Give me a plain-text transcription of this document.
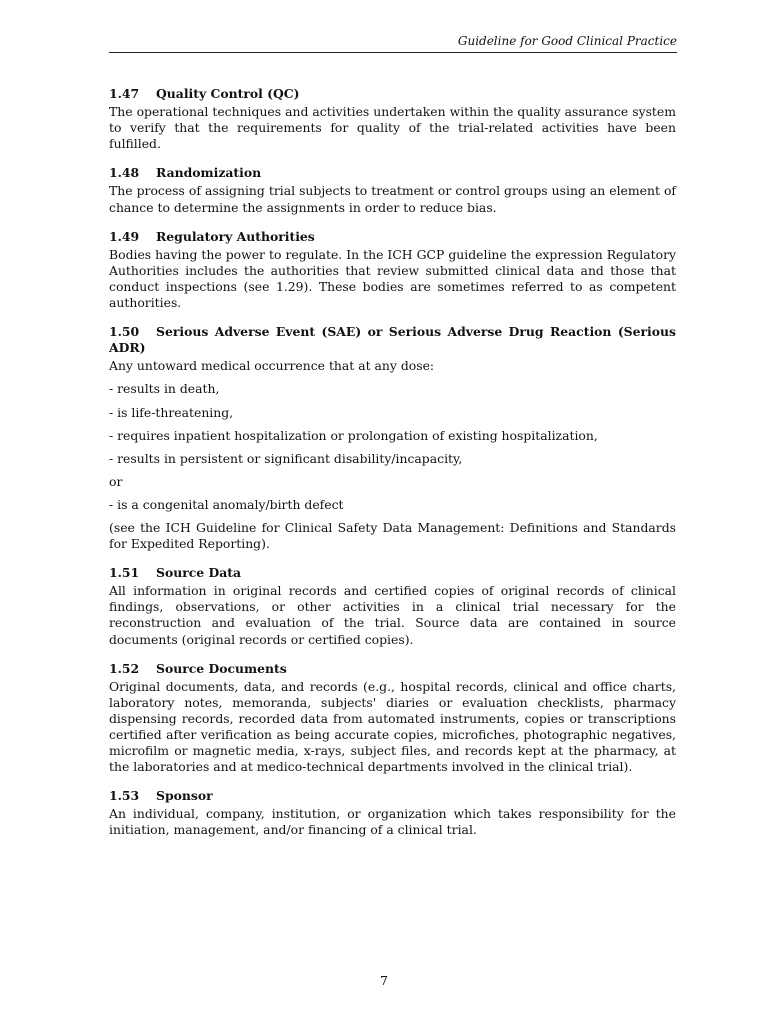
Guideline for Good Clinical Practice

1.47 Quality Control (QC)

The operational techniques and activities undertaken within the quality assurance system to verify that the requirements for quality of the trial-related activities have been fulfilled.

1.48 Randomization

The process of assigning trial subjects to treatment or control groups using an element of chance to determine the assignments in order to reduce bias.

1.49 Regulatory Authorities

Bodies having the power to regulate. In the ICH GCP guideline the expression Regulatory Authorities includes the authorities that review submitted clinical data and those that conduct inspections (see 1.29). These bodies are sometimes referred to as competent authorities.

1.50 Serious Adverse Event (SAE) or Serious Adverse Drug Reaction (Serious ADR)

Any untoward medical occurrence that at any dose:

- results in death,

- is life-threatening,

- requires inpatient hospitalization or prolongation of existing hospitalization,

- results in persistent or significant disability/incapacity,

or

- is a congenital anomaly/birth defect

(see the ICH Guideline for Clinical Safety Data Management: Definitions and Standards for Expedited Reporting).

1.51 Source Data

All information in original records and certified copies of original records of clinical findings, observations, or other activities in a clinical trial necessary for the reconstruction and evaluation of the trial. Source data are contained in source documents (original records or certified copies).

1.52 Source Documents

Original documents, data, and records (e.g., hospital records, clinical and office charts, laboratory notes, memoranda, subjects' diaries or evaluation checklists, pharmacy dispensing records, recorded data from automated instruments, copies or transcriptions certified after verification as being accurate copies, microfiches, photographic negatives, microfilm or magnetic media, x-rays, subject files, and records kept at the pharmacy, at the laboratories and at medico-technical departments involved in the clinical trial).

1.53 Sponsor

An individual, company, institution, or organization which takes responsibility for the initiation, management, and/or financing of a clinical trial.

7
